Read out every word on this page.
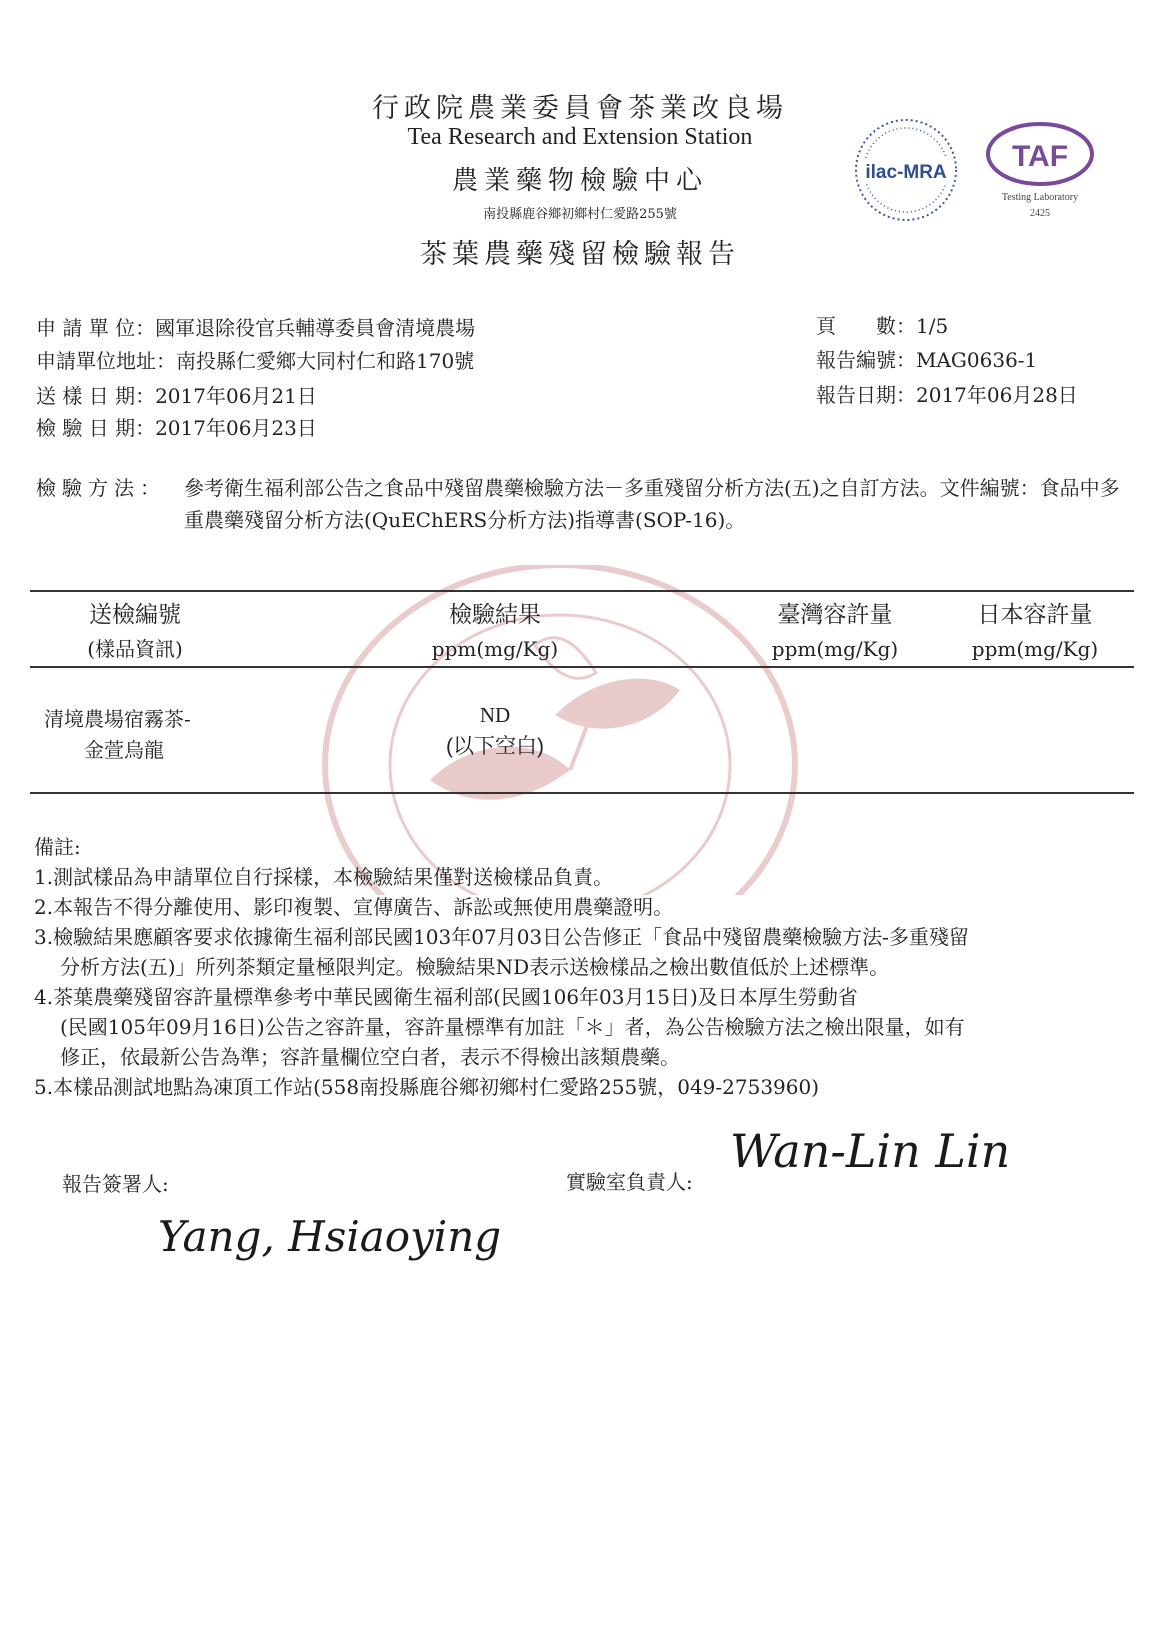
行政院農業委員會茶業改良場
Tea Research and Extension Station
農業藥物檢驗中心
南投縣鹿谷鄉初鄉村仁愛路255號
茶葉農藥殘留檢驗報告
ilac-MRA TAF
Testing Laboratory
2425
申 請 單 位：國軍退除役官兵輔導委員會清境農場
申請單位地址：南投縣仁愛鄉大同村仁和路170號
送 樣 日 期：2017年06月21日
檢 驗 日 期：2017年06月23日
頁　　數：1/5
報告編號：MAG0636-1
報告日期：2017年06月28日
檢驗方法： 參考衛生福利部公告之食品中殘留農藥檢驗方法－多重殘留分析方法(五)之自訂方法。文件編號：食品中多重農藥殘留分析方法(QuEChERS分析方法)指導書(SOP-16)。
送檢編號
(樣品資訊)
檢驗結果
ppm(mg/Kg)
臺灣容許量
ppm(mg/Kg)
日本容許量
ppm(mg/Kg)
清境農場宿霧茶-
金萱烏龍
ND
(以下空白)

備註:

1.測試樣品為申請單位自行採樣，本檢驗結果僅對送檢樣品負責。

2.本報告不得分離使用、影印複製、宣傳廣告、訴訟或無使用農藥證明。

3.檢驗結果應顧客要求依據衛生福利部民國103年07月03日公告修正「食品中殘留農藥檢驗方法-多重殘留

分析方法(五)」所列茶類定量極限判定。檢驗結果ND表示送檢樣品之檢出數值低於上述標準。

4.茶葉農藥殘留容許量標準參考中華民國衛生福利部(民國106年03月15日)及日本厚生勞動省

(民國105年09月16日)公告之容許量，容許量標準有加註「＊」者，為公告檢驗方法之檢出限量，如有

修正，依最新公告為準；容許量欄位空白者，表示不得檢出該類農藥。

5.本樣品測試地點為凍頂工作站(558南投縣鹿谷鄉初鄉村仁愛路255號，049-2753960)

報告簽署人:
Yang, Hsiaoying
實驗室負責人:
Wan-Lin Lin
